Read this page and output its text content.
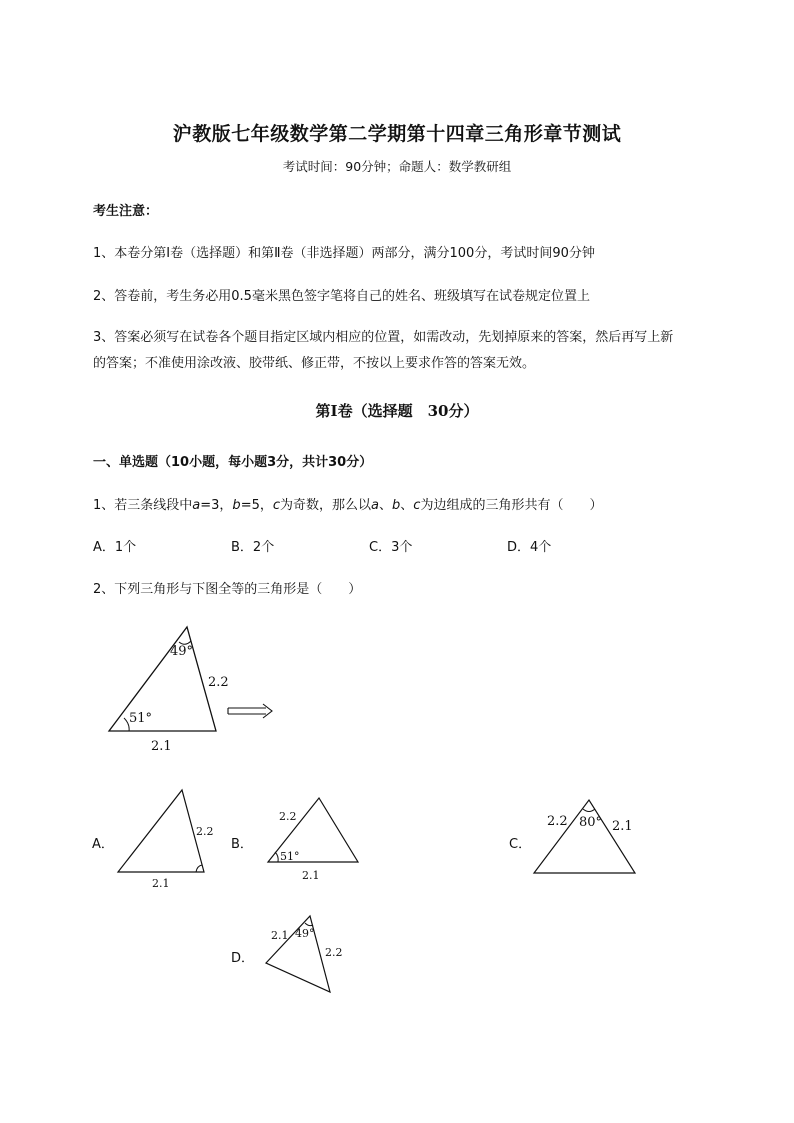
沪教版七年级数学第二学期第十四章三角形章节测试
考试时间：90分钟；命题人：数学教研组
考生注意：
1、本卷分第I卷（选择题）和第Ⅱ卷（非选择题）两部分，满分100分，考试时间90分钟
2、答卷前，考生务必用0.5毫米黑色签字笔将自己的姓名、班级填写在试卷规定位置上
3、答案必须写在试卷各个题目指定区域内相应的位置，如需改动，先划掉原来的答案，然后再写上新
的答案；不准使用涂改液、胶带纸、修正带，不按以上要求作答的答案无效。
第I卷（选择题　30分）
一、单选题（10小题，每小题3分，共计30分）
1、若三条线段中a=3，b=5，c为奇数，那么以a、b、c为边组成的三角形共有（　　）
A．1个	B．2个	C．3个	D．4个
2、下列三角形与下图全等的三角形是（　　）
49°
51°
2.2
2.1
A．
2.2
2.1
B．
2.2
51°
2.1
C．
2.2 80° 2.1
D．
2.1 49°
2.2
